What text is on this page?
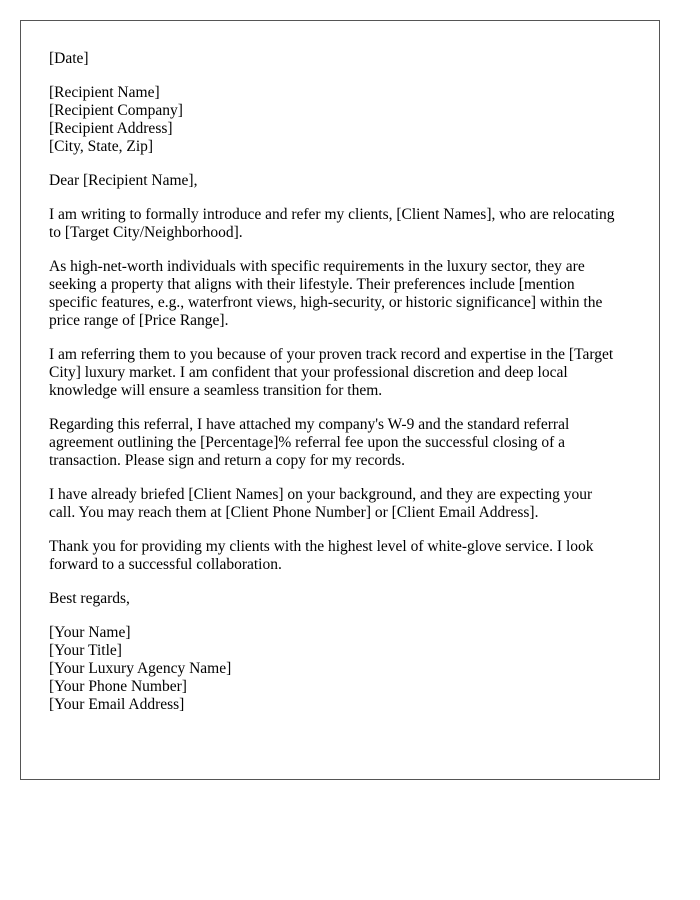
[Date]
[Recipient Name]
[Recipient Company]
[Recipient Address]
[City, State, Zip]
Dear [Recipient Name],
I am writing to formally introduce and refer my clients, [Client Names], who are relocating
to [Target City/Neighborhood].
As high-net-worth individuals with specific requirements in the luxury sector, they are
seeking a property that aligns with their lifestyle. Their preferences include [mention
specific features, e.g., waterfront views, high-security, or historic significance] within the
price range of [Price Range].
I am referring them to you because of your proven track record and expertise in the [Target
City] luxury market. I am confident that your professional discretion and deep local
knowledge will ensure a seamless transition for them.
Regarding this referral, I have attached my company's W-9 and the standard referral
agreement outlining the [Percentage]% referral fee upon the successful closing of a
transaction. Please sign and return a copy for my records.
I have already briefed [Client Names] on your background, and they are expecting your
call. You may reach them at [Client Phone Number] or [Client Email Address].
Thank you for providing my clients with the highest level of white-glove service. I look
forward to a successful collaboration.
Best regards,
[Your Name]
[Your Title]
[Your Luxury Agency Name]
[Your Phone Number]
[Your Email Address]
